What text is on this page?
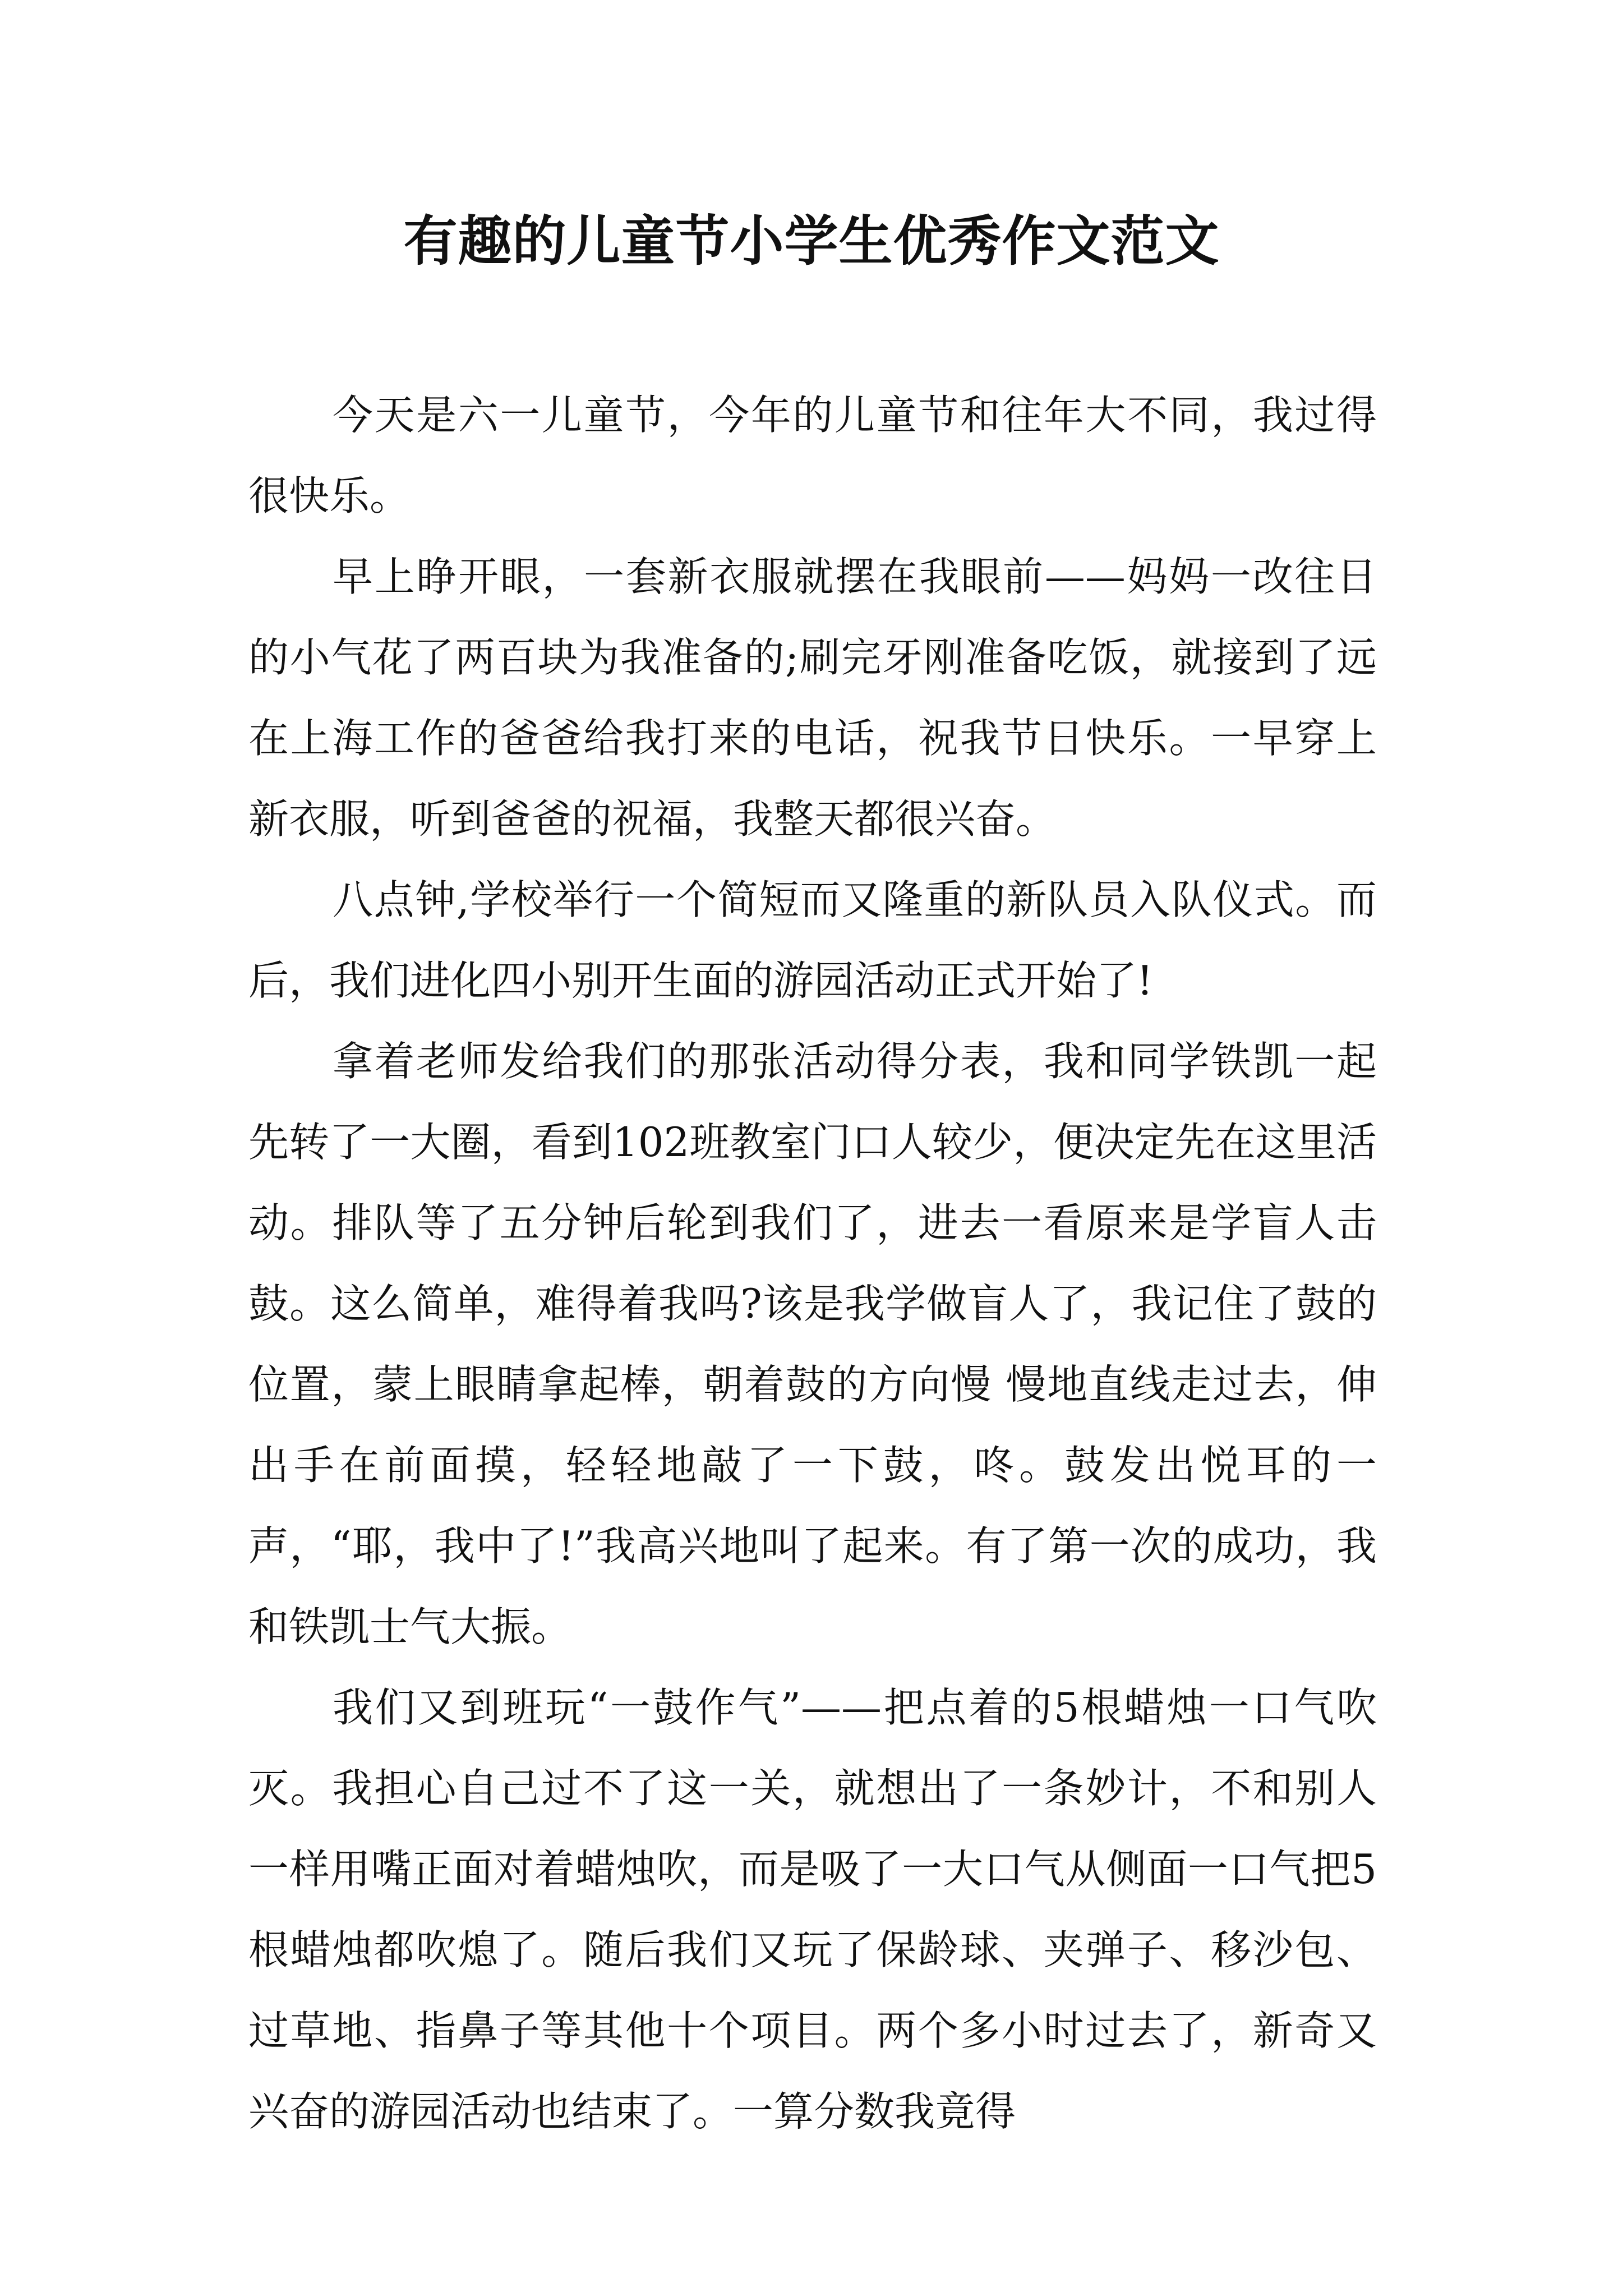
有趣的儿童节小学生优秀作文范文

今天是六一儿童节，今年的儿童节和往年大不同，我过得很快乐。

早上睁开眼，一套新衣服就摆在我眼前——妈妈一改往日的小气花了两百块为我准备的;刷完牙刚准备吃饭，就接到了远在上海工作的爸爸给我打来的电话，祝我节日快乐。一早穿上新衣服，听到爸爸的祝福，我整天都很兴奋。

八点钟,学校举行一个简短而又隆重的新队员入队仪式。而后，我们进化四小别开生面的游园活动正式开始了!

拿着老师发给我们的那张活动得分表，我和同学铁凯一起先转了一大圈，看到102班教室门口人较少，便决定先在这里活动。排队等了五分钟后轮到我们了，进去一看原来是学盲人击鼓。这么简单，难得着我吗?该是我学做盲人了，我记住了鼓的位置，蒙上眼睛拿起棒，朝着鼓的方向慢 慢地直线走过去，伸出手在前面摸，轻轻地敲了一下鼓，咚。鼓发出悦耳的一声，“耶，我中了!”我高兴地叫了起来。有了第一次的成功，我和铁凯士气大振。

我们又到班玩“一鼓作气”——把点着的5根蜡烛一口气吹灭。我担心自己过不了这一关，就想出了一条妙计，不和别人一样用嘴正面对着蜡烛吹，而是吸了一大口气从侧面一口气把5根蜡烛都吹熄了。随后我们又玩了保龄球、夹弹子、移沙包、过草地、指鼻子等其他十个项目。两个多小时过去了，新奇又兴奋的游园活动也结束了。一算分数我竟得
